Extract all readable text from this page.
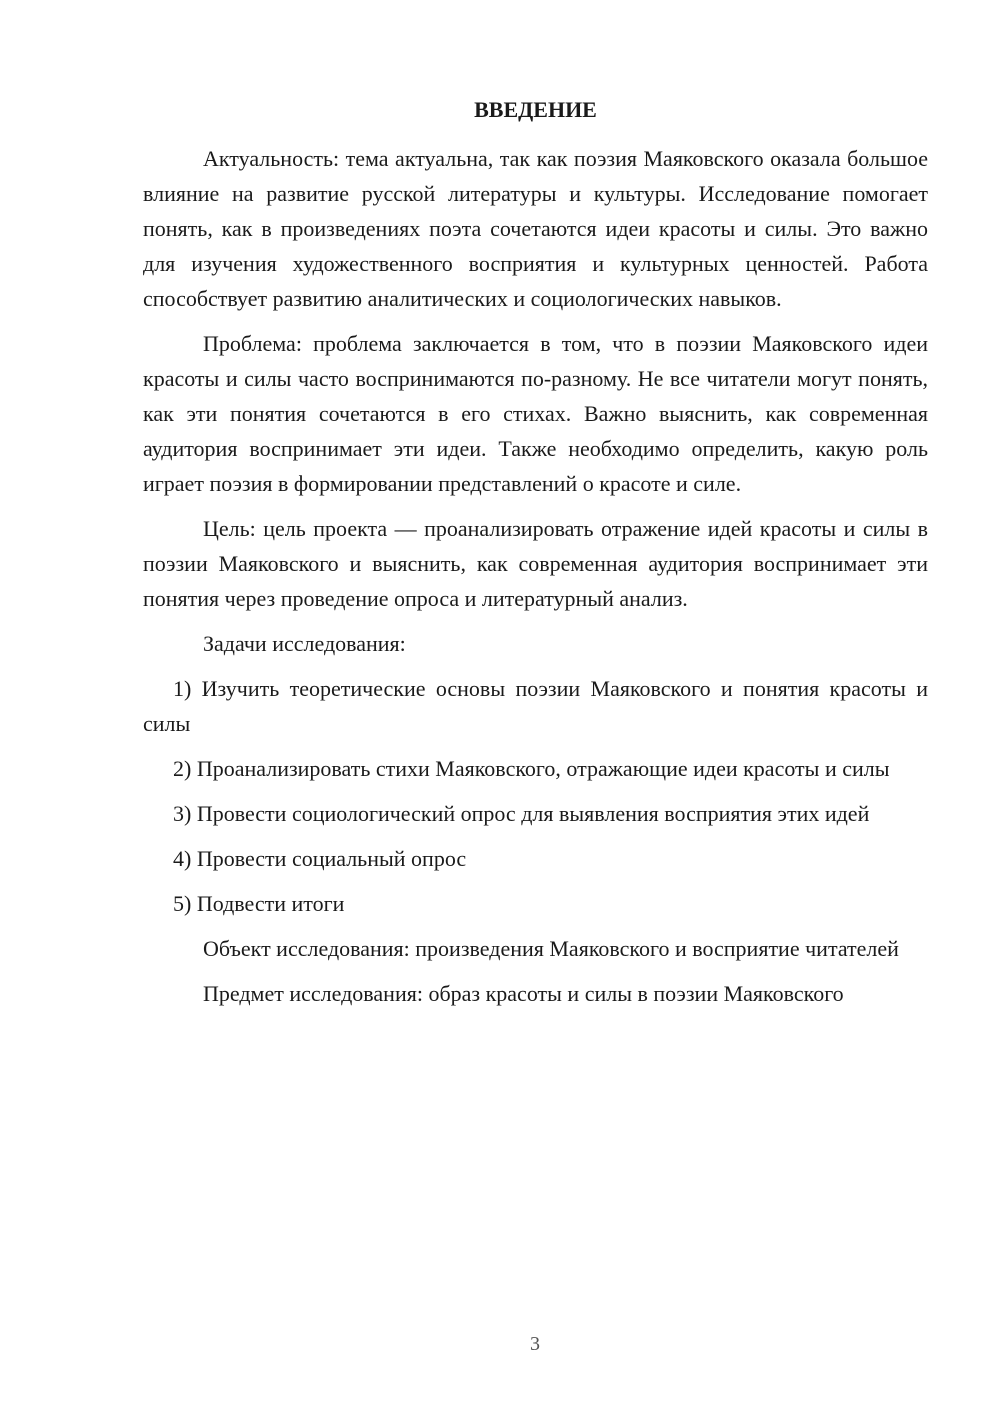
ВВЕДЕНИЕ

Актуальность: тема актуальна, так как поэзия Маяковского оказала большое влияние на развитие русской литературы и культуры. Исследование помогает понять, как в произведениях поэта сочетаются идеи красоты и силы. Это важно для изучения художественного восприятия и культурных ценностей. Работа способствует развитию аналитических и социологических навыков.

Проблема: проблема заключается в том, что в поэзии Маяковского идеи красоты и силы часто воспринимаются по-разному. Не все читатели могут понять, как эти понятия сочетаются в его стихах. Важно выяснить, как современная аудитория воспринимает эти идеи. Также необходимо определить, какую роль играет поэзия в формировании представлений о красоте и силе.

Цель: цель проекта — проанализировать отражение идей красоты и силы в поэзии Маяковского и выяснить, как современная аудитория воспринимает эти понятия через проведение опроса и литературный анализ.

Задачи исследования:

1) Изучить теоретические основы поэзии Маяковского и понятия красоты и силы

2) Проанализировать стихи Маяковского, отражающие идеи красоты и силы

3) Провести социологический опрос для выявления восприятия этих идей

4) Провести социальный опрос

5) Подвести итоги

Объект исследования: произведения Маяковского и восприятие читателей

Предмет исследования: образ красоты и силы в поэзии Маяковского

3
